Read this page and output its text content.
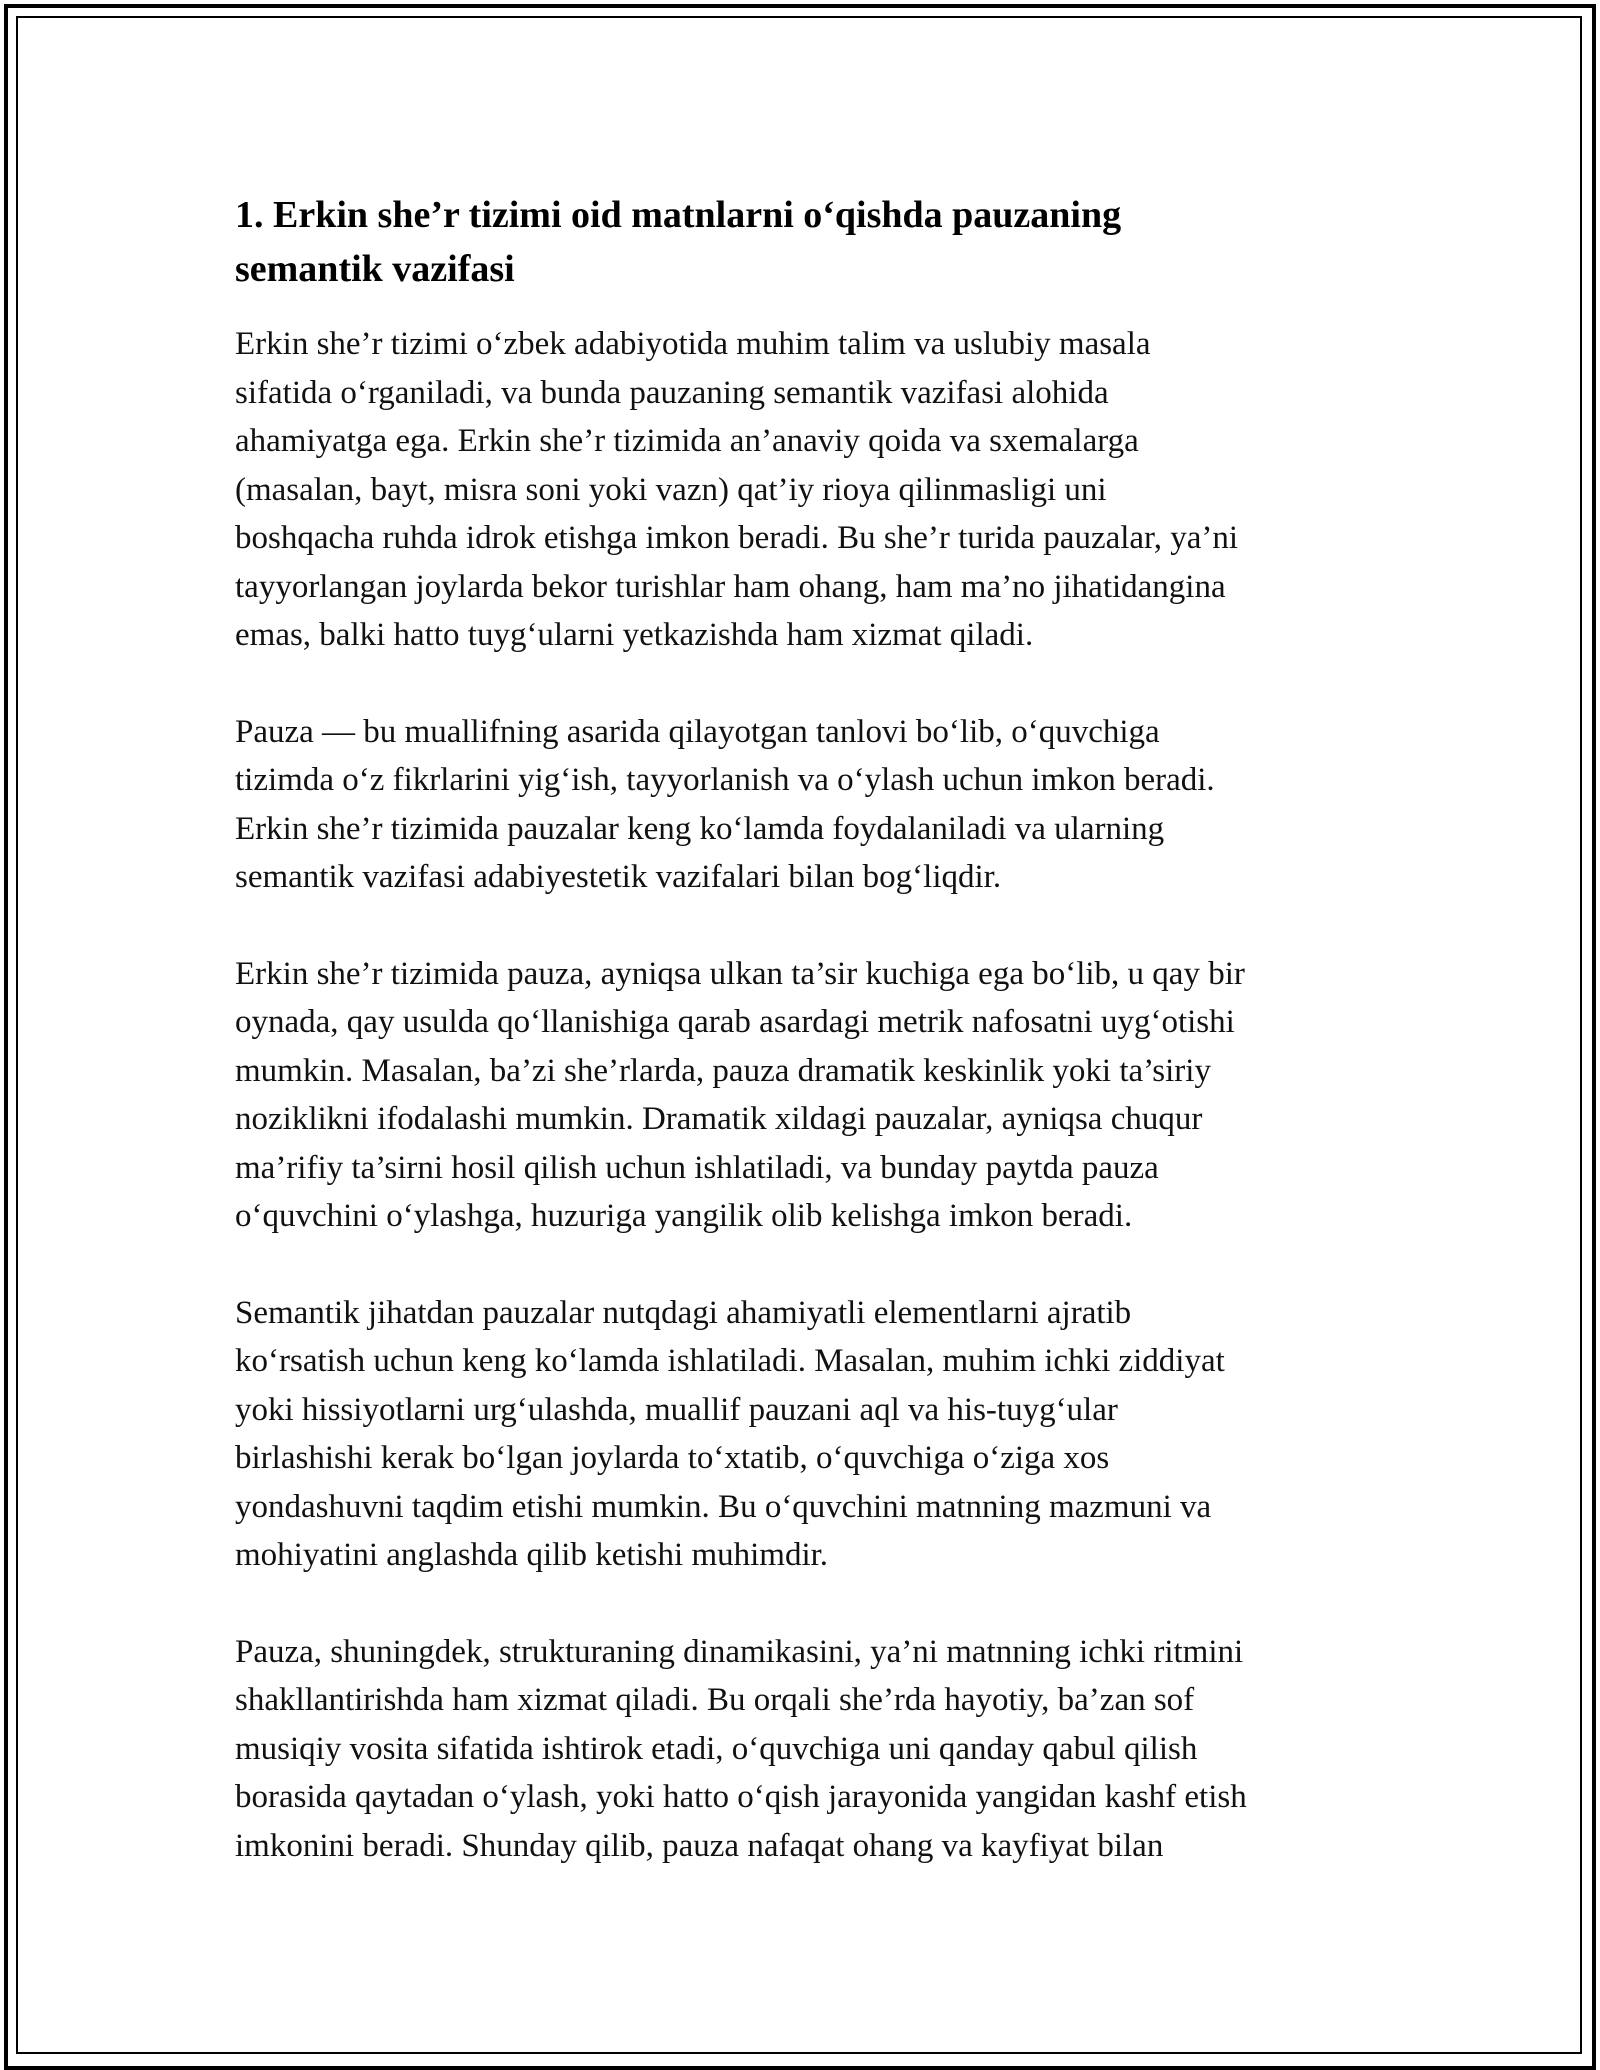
1. Erkin she’r tizimi oid matnlarni o‘qishda pauzaning
semantik vazifasi

Erkin she’r tizimi o‘zbek adabiyotida muhim talim va uslubiy masala
sifatida o‘rganiladi, va bunda pauzaning semantik vazifasi alohida
ahamiyatga ega. Erkin she’r tizimida an’anaviy qoida va sxemalarga
(masalan, bayt, misra soni yoki vazn) qat’iy rioya qilinmasligi uni
boshqacha ruhda idrok etishga imkon beradi. Bu she’r turida pauzalar, ya’ni
tayyorlangan joylarda bekor turishlar ham ohang, ham ma’no jihatidangina
emas, balki hatto tuyg‘ularni yetkazishda ham xizmat qiladi.

Pauza — bu muallifning asarida qilayotgan tanlovi bo‘lib, o‘quvchiga
tizimda o‘z fikrlarini yig‘ish, tayyorlanish va o‘ylash uchun imkon beradi.
Erkin she’r tizimida pauzalar keng ko‘lamda foydalaniladi va ularning
semantik vazifasi adabiyestetik vazifalari bilan bog‘liqdir.

Erkin she’r tizimida pauza, ayniqsa ulkan ta’sir kuchiga ega bo‘lib, u qay bir
oynada, qay usulda qo‘llanishiga qarab asardagi metrik nafosatni uyg‘otishi
mumkin. Masalan, ba’zi she’rlarda, pauza dramatik keskinlik yoki ta’siriy
noziklikni ifodalashi mumkin. Dramatik xildagi pauzalar, ayniqsa chuqur
ma’rifiy ta’sirni hosil qilish uchun ishlatiladi, va bunday paytda pauza
o‘quvchini o‘ylashga, huzuriga yangilik olib kelishga imkon beradi.

Semantik jihatdan pauzalar nutqdagi ahamiyatli elementlarni ajratib
ko‘rsatish uchun keng ko‘lamda ishlatiladi. Masalan, muhim ichki ziddiyat
yoki hissiyotlarni urg‘ulashda, muallif pauzani aql va his-tuyg‘ular
birlashishi kerak bo‘lgan joylarda to‘xtatib, o‘quvchiga o‘ziga xos
yondashuvni taqdim etishi mumkin. Bu o‘quvchini matnning mazmuni va
mohiyatini anglashda qilib ketishi muhimdir.

Pauza, shuningdek, strukturaning dinamikasini, ya’ni matnning ichki ritmini
shakllantirishda ham xizmat qiladi. Bu orqali she’rda hayotiy, ba’zan sof
musiqiy vosita sifatida ishtirok etadi, o‘quvchiga uni qanday qabul qilish
borasida qaytadan o‘ylash, yoki hatto o‘qish jarayonida yangidan kashf etish
imkonini beradi. Shunday qilib, pauza nafaqat ohang va kayfiyat bilan
